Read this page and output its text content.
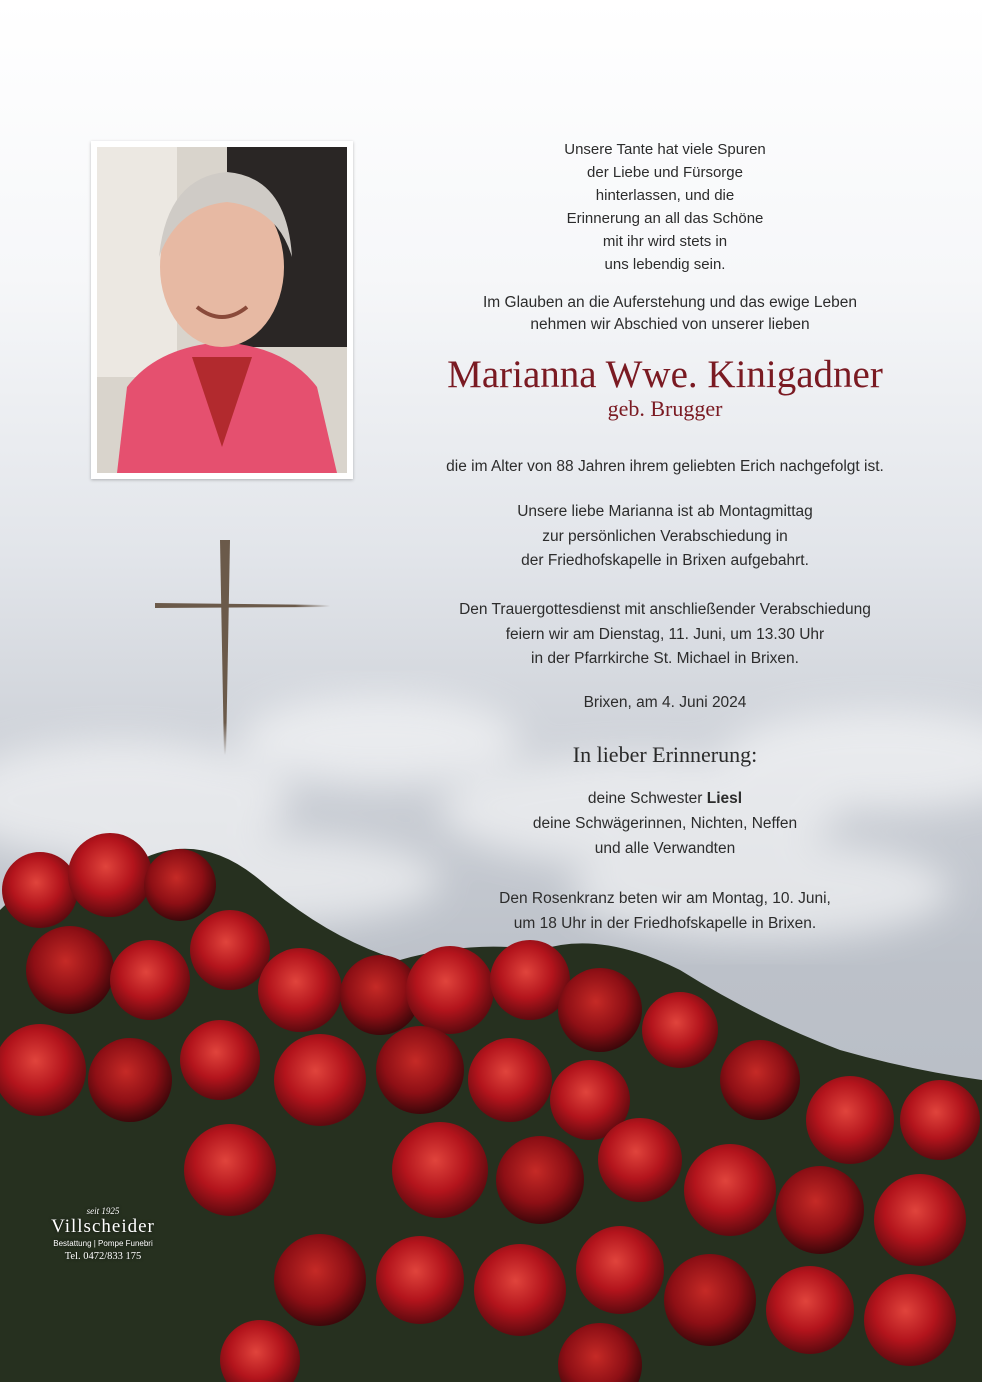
Unsere Tante hat viele Spuren
der Liebe und Fürsorge
hinterlassen, und die
Erinnerung an all das Schöne
mit ihr wird stets in
uns lebendig sein.
Im Glauben an die Auferstehung und das ewige Leben
nehmen wir Abschied von unserer lieben
Marianna Wwe. Kinigadner
geb. Brugger
die im Alter von 88 Jahren ihrem geliebten Erich nachgefolgt ist.
Unsere liebe Marianna ist ab Montagmittag
zur persönlichen Verabschiedung in
der Friedhofskapelle in Brixen aufgebahrt.
Den Trauergottesdienst mit anschließender Verabschiedung
feiern wir am Dienstag, 11. Juni, um 13.30 Uhr
in der Pfarrkirche St. Michael in Brixen.
Brixen, am 4. Juni 2024
In lieber Erinnerung:
deine Schwester Liesl
deine Schwägerinnen, Nichten, Neffen
und alle Verwandten
Den Rosenkranz beten wir am Montag, 10. Juni,
um 18 Uhr in der Friedhofskapelle in Brixen.
seit 1925
Villscheider
Bestattung | Pompe Funebri
Tel. 0472/833 175
